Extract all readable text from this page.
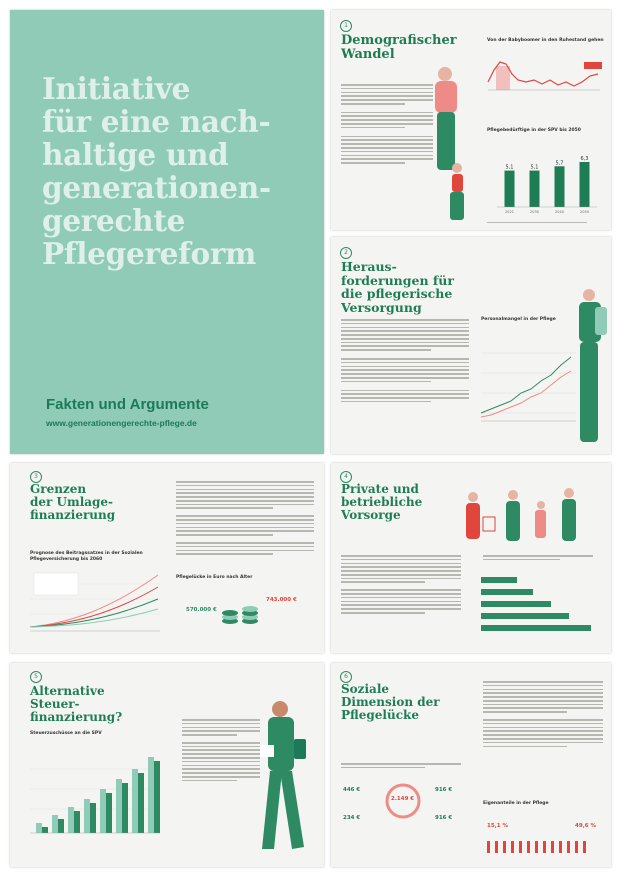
Initiative
für eine nach-
haltige und
generationen-
gerechte
Pflegereform
Fakten und Argumente
www.generationengerechte-pflege.de
1
Demografischer
Wandel
Von der Babyboomer in den Ruhestand gehen
Pflegebedürftige in der SPV bis 2050
5,1
2021
5,1
2030
5,7
2040
6,3
2050
2
Heraus-
forderungen für
die pflegerische
Versorgung
Personalmangel in der Pflege
3
Grenzen
der Umlage-
finanzierung
Prognose des Beitragssatzes in der Sozialen Pflegeversicherung bis 2060
Pflegelücke in Euro nach Alter
570.000 €
743.000 €
4
Private und
betriebliche
Vorsorge
5
Alternative
Steuer-
finanzierung?
Steuerzuschüsse an die SPV
6
Soziale
Dimension der
Pflegelücke
2.149 €
446 €	916 €
234 €	916 €
Eigenanteile in der Pflege
15,1 %	49,6 %
